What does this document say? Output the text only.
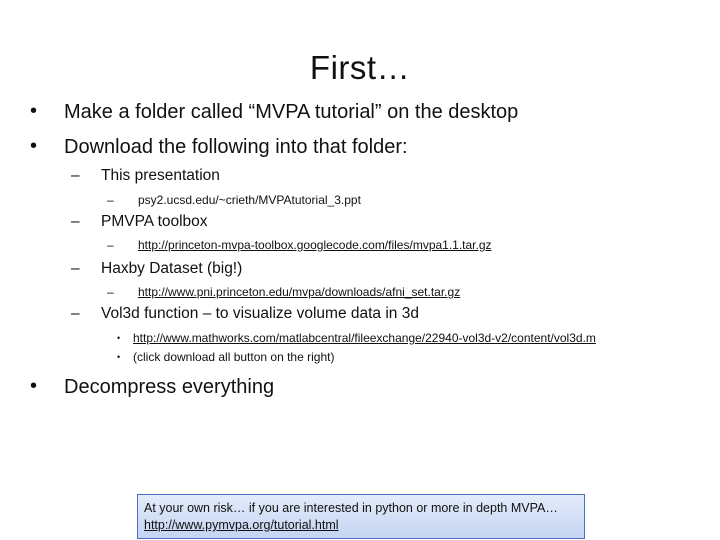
First…
• Make a folder called “MVPA tutorial” on the desktop
• Download the following into that folder:
– This presentation
– psy2.ucsd.edu/~crieth/MVPAtutorial_3.ppt
– PMVPA toolbox
– http://princeton-mvpa-toolbox.googlecode.com/files/mvpa1.1.tar.gz
– Haxby Dataset (big!)
– http://www.pni.princeton.edu/mvpa/downloads/afni_set.tar.gz
– Vol3d function – to visualize volume data in 3d
• http://www.mathworks.com/matlabcentral/fileexchange/22940-vol3d-v2/content/vol3d.m
• (click download all button on the right)
• Decompress everything
At your own risk… if you are interested in python or more in depth MVPA…
http://www.pymvpa.org/tutorial.html
